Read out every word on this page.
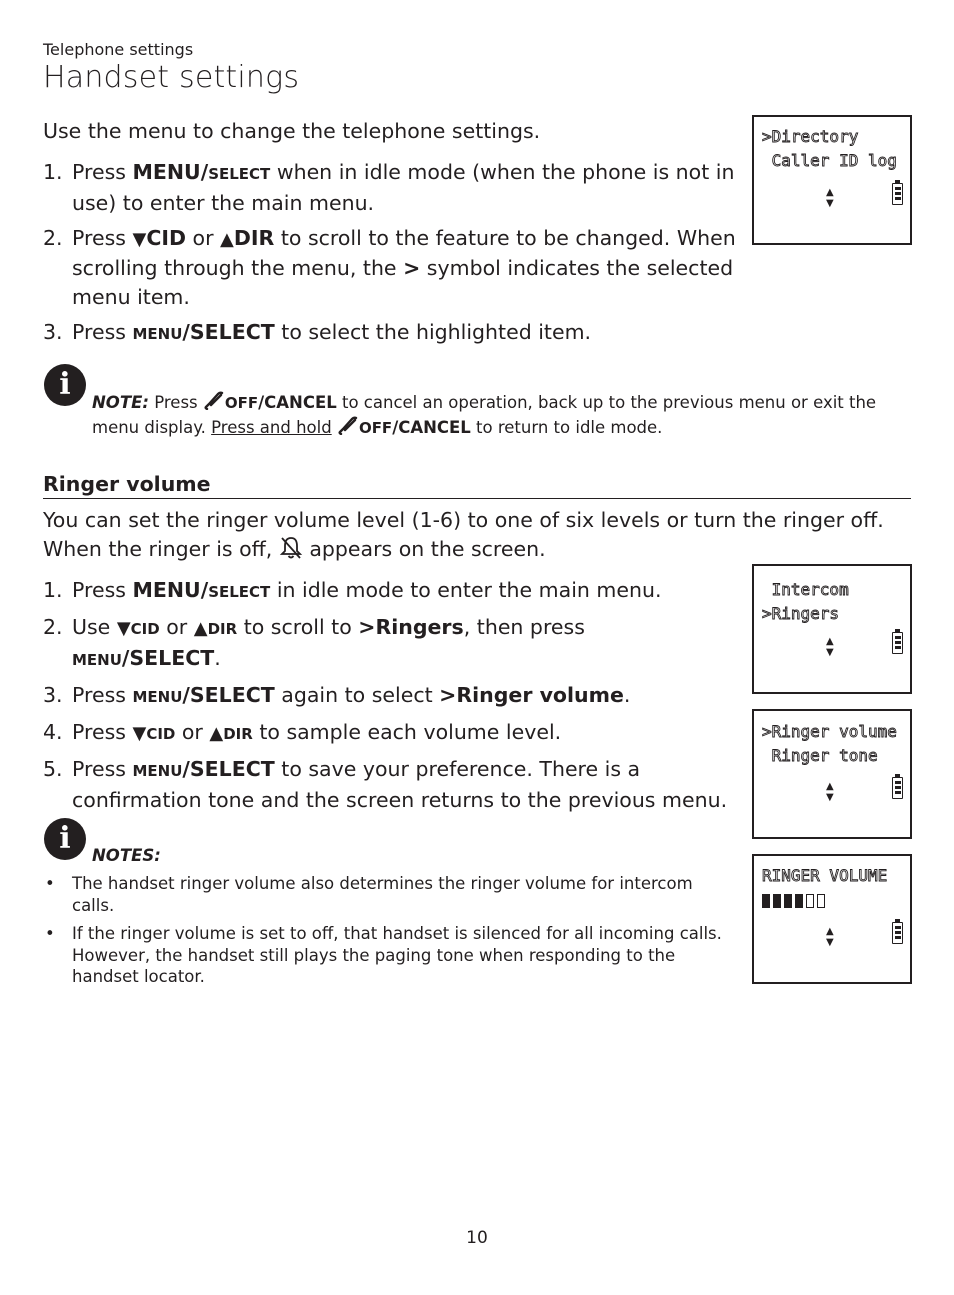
Telephone settings
Handset settings
Use the menu to change the telephone settings.
1. Press MENU/SELECT when in idle mode (when the phone is not in use) to enter the main menu.
2. Press ▼CID or ▲DIR to scroll to the feature to be changed. When scrolling through the menu, the > symbol indicates the selected menu item.
3. Press MENU/SELECT to select the highlighted item.
i
NOTE: Press OFF/CANCEL to cancel an operation, back up to the previous menu or exit the menu display. Press and hold OFF/CANCEL to return to idle mode.
Ringer volume
You can set the ringer volume level (1-6) to one of six levels or turn the ringer off. When the ringer is off,  appears on the screen.
1. Press MENU/SELECT in idle mode to enter the main menu.
2. Use ▼CID or ▲DIR to scroll to >Ringers, then press MENU/SELECT.
3. Press MENU/SELECT again to select >Ringer volume.
4. Press ▼CID or ▲DIR to sample each volume level.
5. Press MENU/SELECT to save your preference. There is a confirmation tone and the screen returns to the previous menu.
i	NOTES:
• The handset ringer volume also determines the ringer volume for intercom calls.
• If the ringer volume is set to off, that handset is silenced for all incoming calls. However, the handset still plays the paging tone when responding to the handset locator.
>Directory
Caller ID log
▲
▼
Intercom
>Ringers
▲
▼
>Ringer volume
Ringer tone
▲
▼
RINGER VOLUME
▲
▼
10
